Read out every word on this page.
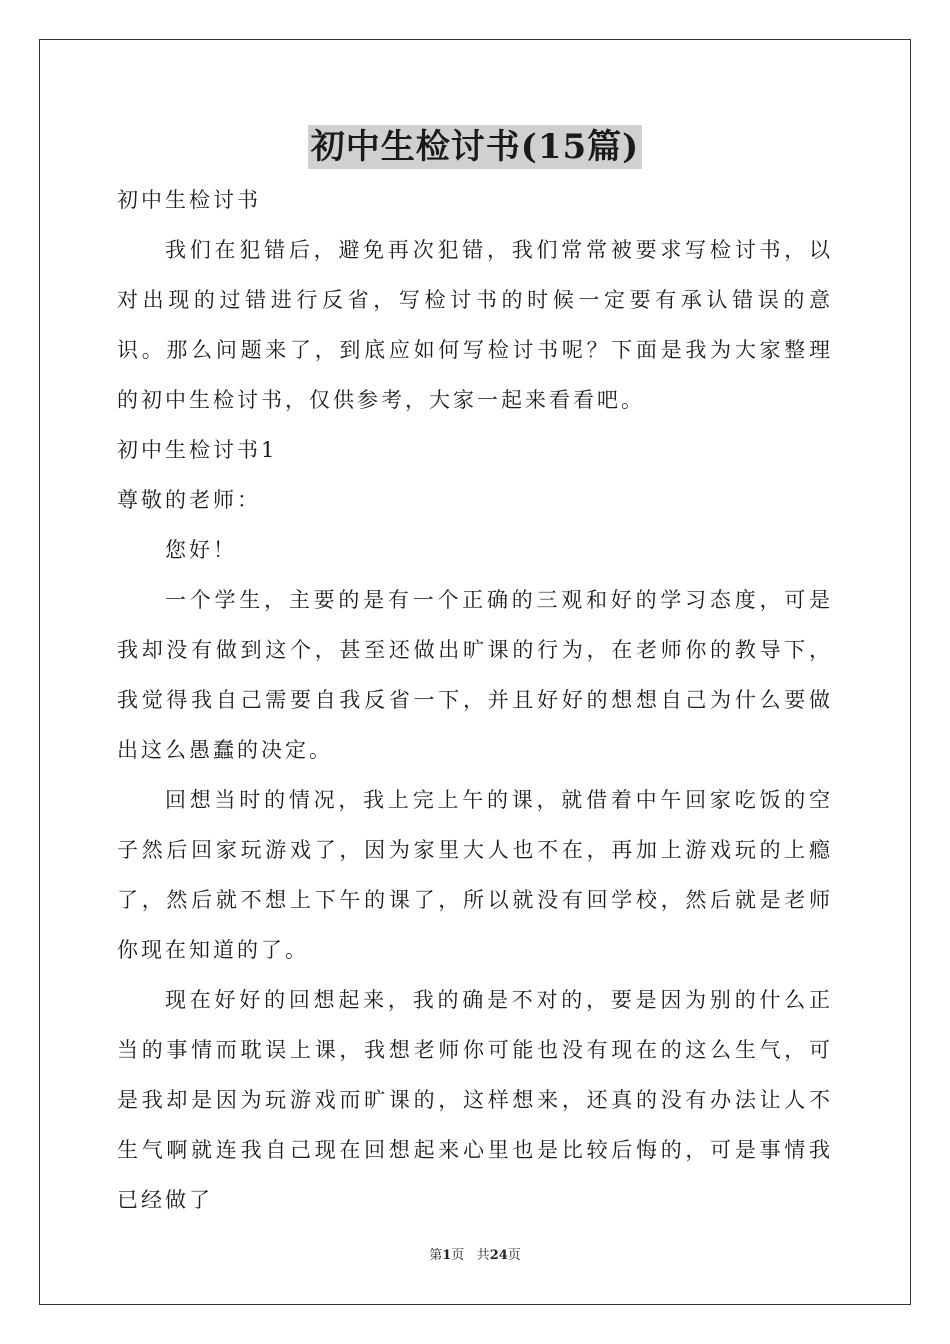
初中生检讨书(15篇)

初中生检讨书

我们在犯错后，避免再次犯错，我们常常被要求写检讨书，以对出现的过错进行反省，写检讨书的时候一定要有承认错误的意识。那么问题来了，到底应如何写检讨书呢？下面是我为大家整理的初中生检讨书，仅供参考，大家一起来看看吧。

初中生检讨书1

尊敬的老师：

您好！

一个学生，主要的是有一个正确的三观和好的学习态度，可是我却没有做到这个，甚至还做出旷课的行为，在老师你的教导下，我觉得我自己需要自我反省一下，并且好好的想想自己为什么要做出这么愚蠢的决定。

回想当时的情况，我上完上午的课，就借着中午回家吃饭的空子然后回家玩游戏了，因为家里大人也不在，再加上游戏玩的上瘾了，然后就不想上下午的课了，所以就没有回学校，然后就是老师你现在知道的了。

现在好好的回想起来，我的确是不对的，要是因为别的什么正当的事情而耽误上课，我想老师你可能也没有现在的这么生气，可是我却是因为玩游戏而旷课的，这样想来，还真的没有办法让人不生气啊就连我自己现在回想起来心里也是比较后悔的，可是事情我已经做了

第1页 共24页
